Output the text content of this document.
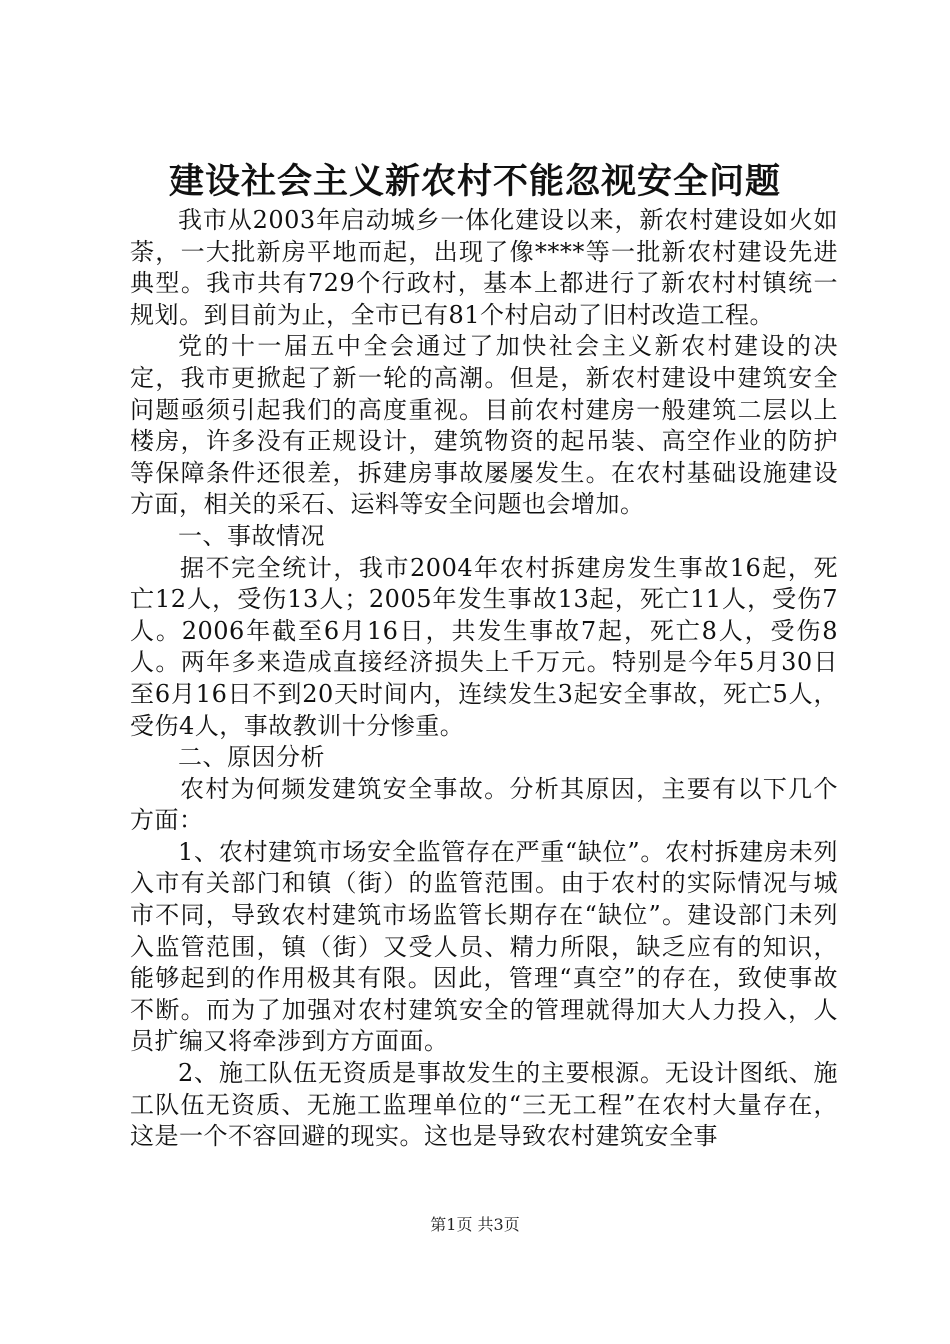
建设社会主义新农村不能忽视安全问题

我市从2003年启动城乡一体化建设以来，新农村建设如火如荼，一大批新房平地而起，出现了像****等一批新农村建设先进典型。我市共有729个行政村，基本上都进行了新农村村镇统一规划。到目前为止，全市已有81个村启动了旧村改造工程。

党的十一届五中全会通过了加快社会主义新农村建设的决定，我市更掀起了新一轮的高潮。但是，新农村建设中建筑安全问题亟须引起我们的高度重视。目前农村建房一般建筑二层以上楼房，许多没有正规设计，建筑物资的起吊装、高空作业的防护等保障条件还很差，拆建房事故屡屡发生。在农村基础设施建设方面，相关的采石、运料等安全问题也会增加。

一、事故情况

据不完全统计，我市2004年农村拆建房发生事故16起，死亡12人，受伤13人；2005年发生事故13起，死亡11人，受伤7人。2006年截至6月16日，共发生事故7起，死亡8人，受伤8人。两年多来造成直接经济损失上千万元。特别是今年5月30日至6月16日不到20天时间内，连续发生3起安全事故，死亡5人，受伤4人，事故教训十分惨重。

二、原因分析

农村为何频发建筑安全事故。分析其原因，主要有以下几个方面：

1、农村建筑市场安全监管存在严重“缺位”。农村拆建房未列入市有关部门和镇（街）的监管范围。由于农村的实际情况与城市不同，导致农村建筑市场监管长期存在“缺位”。建设部门未列入监管范围，镇（街）又受人员、精力所限，缺乏应有的知识，能够起到的作用极其有限。因此，管理“真空”的存在，致使事故不断。而为了加强对农村建筑安全的管理就得加大人力投入，人员扩编又将牵涉到方方面面。

2、施工队伍无资质是事故发生的主要根源。无设计图纸、施工队伍无资质、无施工监理单位的“三无工程”在农村大量存在，这是一个不容回避的现实。这也是导致农村建筑安全事

第1页 共3页
